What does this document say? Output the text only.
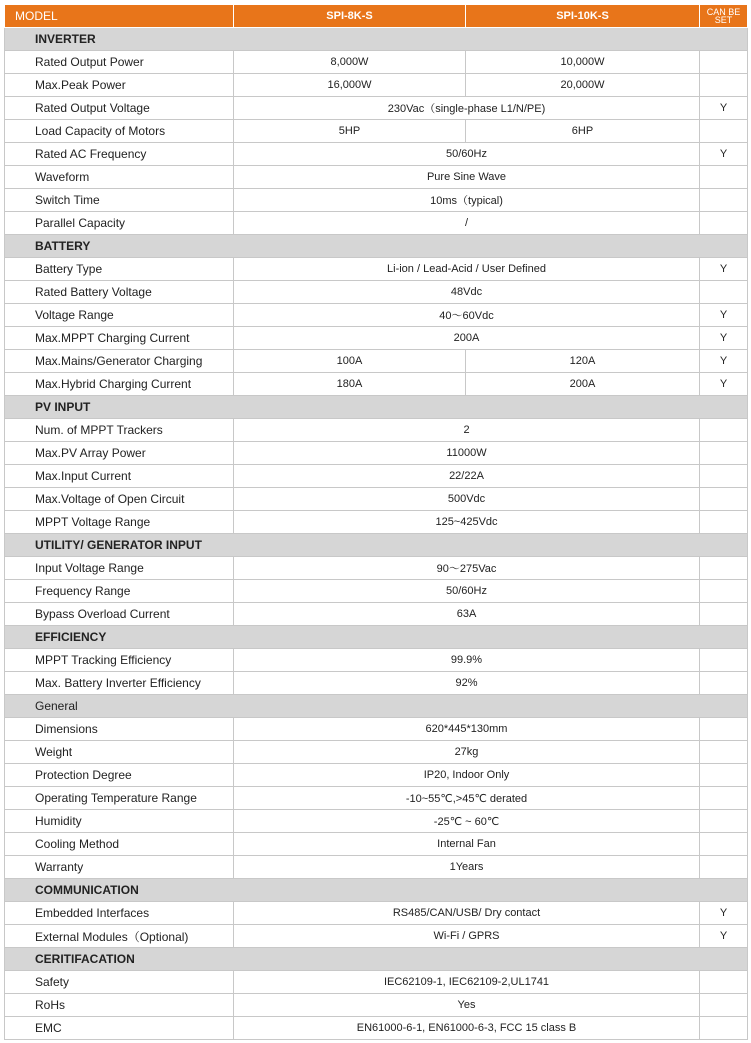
MODEL	SPI-8K-S	SPI-10K-S	CAN BE SET
INVERTER			
Rated Output Power	8,000W	10,000W	
Max.Peak Power	16,000W	20,000W	
Rated Output Voltage	230Vac（single-phase L1/N/PE)		Y
Load Capacity of Motors	5HP	6HP	
Rated AC Frequency	50/60Hz		Y
Waveform	Pure Sine Wave		
Switch Time	10ms（typical)		
Parallel Capacity	/		
BATTERY			
Battery Type	Li-ion / Lead-Acid / User Defined		Y
Rated Battery Voltage	48Vdc		
Voltage Range	40～60Vdc		Y
Max.MPPT Charging Current	200A		Y
Max.Mains/Generator Charging	100A	120A	Y
Max.Hybrid Charging Current	180A	200A	Y
PV INPUT			
Num. of MPPT Trackers	2		
Max.PV Array Power	11000W		
Max.Input Current	22/22A		
Max.Voltage of Open Circuit	500Vdc		
MPPT Voltage Range	125~425Vdc		
UTILITY/ GENERATOR INPUT			
Input Voltage Range	90～275Vac		
Frequency Range	50/60Hz		
Bypass Overload Current	63A		
EFFICIENCY			
MPPT Tracking Efficiency	99.9%		
Max. Battery Inverter Efficiency	92%		
General			
Dimensions	620*445*130mm		
Weight	27kg		
Protection Degree	IP20, Indoor Only		
Operating Temperature Range	-10~55℃,>45℃ derated		
Humidity	-25℃ ~ 60℃		
Cooling Method	Internal Fan		
Warranty	1Years		
COMMUNICATION			
Embedded Interfaces	RS485/CAN/USB/ Dry contact		Y
External Modules（Optional)	Wi-Fi / GPRS		Y
CERITIFACATION			
Safety	IEC62109-1, IEC62109-2,UL1741		
RoHs	Yes		
EMC	EN61000-6-1, EN61000-6-3, FCC 15 class B		
